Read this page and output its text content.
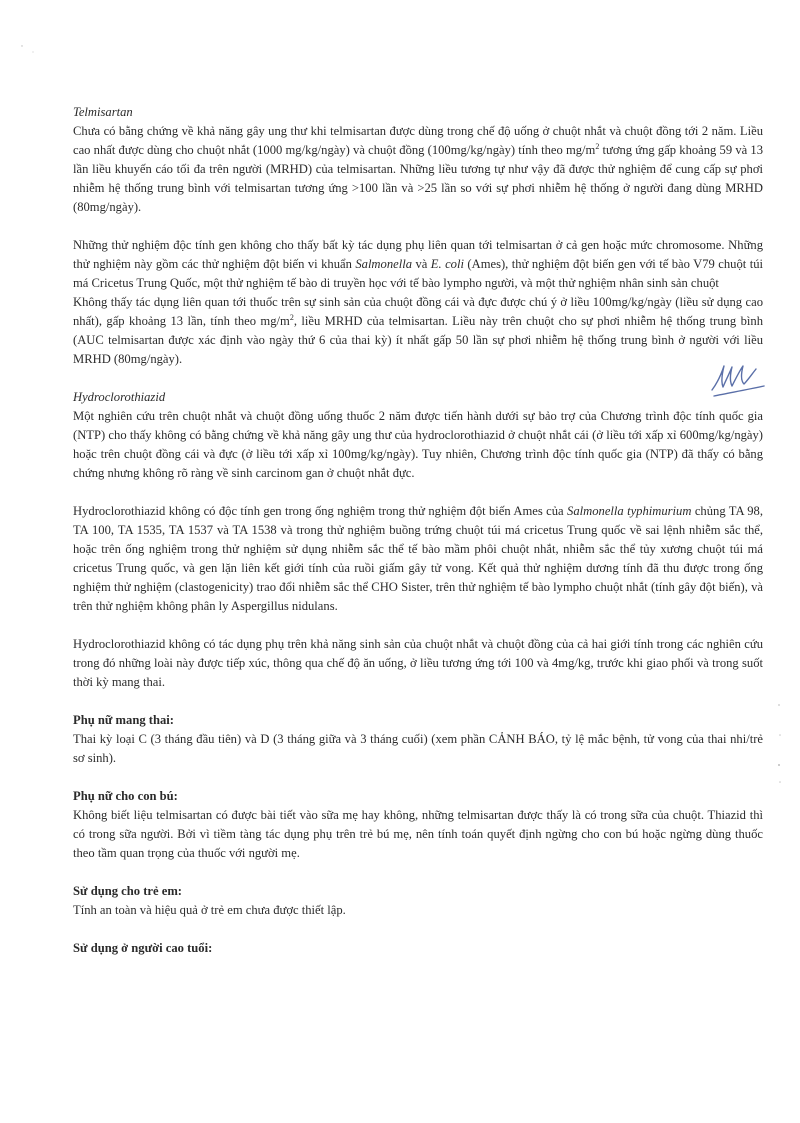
Telmisartan

Chưa có bằng chứng về khả năng gây ung thư khi telmisartan được dùng trong chế độ uống ở chuột nhắt và chuột đồng tới 2 năm. Liều cao nhất được dùng cho chuột nhắt (1000 mg/kg/ngày) và chuột đồng (100mg/kg/ngày) tính theo $mg/m^2$ tương ứng gấp khoảng 59 và 13 lần liều khuyến cáo tối đa trên người (MRHD) của telmisartan. Những liều tương tự như vậy đã được thử nghiệm để cung cấp sự phơi nhiễm hệ thống trung bình với telmisartan tương ứng >100 lần và >25 lần so với sự phơi nhiễm hệ thống ở người đang dùng MRHD (80mg/ngày).

Những thử nghiệm độc tính gen không cho thấy bất kỳ tác dụng phụ liên quan tới telmisartan ở cả gen hoặc mức chromosome. Những thử nghiệm này gồm các thử nghiệm đột biến vi khuẩn Salmonella và E. coli (Ames), thử nghiệm đột biến gen với tế bào V79 chuột túi má Cricetus Trung Quốc, một thử nghiệm tế bào di truyền học với tế bào lympho người, và một thử nghiệm nhân sinh sản chuột

Không thấy tác dụng liên quan tới thuốc trên sự sinh sản của chuột đồng cái và đực được chú ý ở liều 100mg/kg/ngày (liều sử dụng cao nhất), gấp khoảng 13 lần, tính theo $mg/m^2$, liều MRHD của telmisartan. Liều này trên chuột cho sự phơi nhiễm hệ thống trung bình (AUC telmisartan được xác định vào ngày thứ 6 của thai kỳ) ít nhất gấp 50 lần sự phơi nhiễm hệ thống trung bình ở người với liều MRHD (80mg/ngày).

Hydroclorothiazid

Một nghiên cứu trên chuột nhắt và chuột đồng uống thuốc 2 năm được tiến hành dưới sự bảo trợ của Chương trình độc tính quốc gia (NTP) cho thấy không có bằng chứng về khả năng gây ung thư của hydroclorothiazid ở chuột nhắt cái (ở liều tới xấp xỉ 600mg/kg/ngày) hoặc trên chuột đồng cái và đực (ở liều tới xấp xỉ 100mg/kg/ngày). Tuy nhiên, Chương trình độc tính quốc gia (NTP) đã thấy có bằng chứng nhưng không rõ ràng về sinh carcinom gan ở chuột nhắt đực.

Hydroclorothiazid không có độc tính gen trong ống nghiệm trong thử nghiệm đột biến Ames của Salmonella typhimurium chủng TA 98, TA 100, TA 1535, TA 1537 và TA 1538 và trong thử nghiệm buồng trứng chuột túi má cricetus Trung quốc về sai lệnh nhiễm sắc thể, hoặc trên ống nghiệm trong thử nghiệm sử dụng nhiễm sắc thể tế bào mầm phôi chuột nhắt, nhiễm sắc thể tủy xương chuột túi má cricetus Trung quốc, và gen lặn liên kết giới tính của ruồi giấm gây tử vong. Kết quả thử nghiệm dương tính đã thu được trong ống nghiệm thử nghiệm (clastogenicity) trao đổi nhiễm sắc thể CHO Sister, trên thử nghiệm tế bào lympho chuột nhắt (tính gây đột biến), và trên thử nghiệm không phân ly Aspergillus nidulans.

Hydroclorothiazid không có tác dụng phụ trên khả năng sinh sản của chuột nhắt và chuột đồng của cả hai giới tính trong các nghiên cứu trong đó những loài này được tiếp xúc, thông qua chế độ ăn uống, ở liều tương ứng tới 100 và 4mg/kg, trước khi giao phối và trong suốt thời kỳ mang thai.

Phụ nữ mang thai:

Thai kỳ loại C (3 tháng đầu tiên) và D (3 tháng giữa và 3 tháng cuối) (xem phần CẢNH BÁO, tỷ lệ mắc bệnh, tử vong của thai nhi/trẻ sơ sinh).

Phụ nữ cho con bú:

Không biết liệu telmisartan có được bài tiết vào sữa mẹ hay không, những telmisartan được thấy là có trong sữa của chuột. Thiazid thì có trong sữa người. Bởi vì tiềm tàng tác dụng phụ trên trẻ bú mẹ, nên tính toán quyết định ngừng cho con bú hoặc ngừng dùng thuốc theo tầm quan trọng của thuốc với người mẹ.

Sử dụng cho trẻ em:

Tính an toàn và hiệu quả ở trẻ em chưa được thiết lập.

Sử dụng ở người cao tuổi:
